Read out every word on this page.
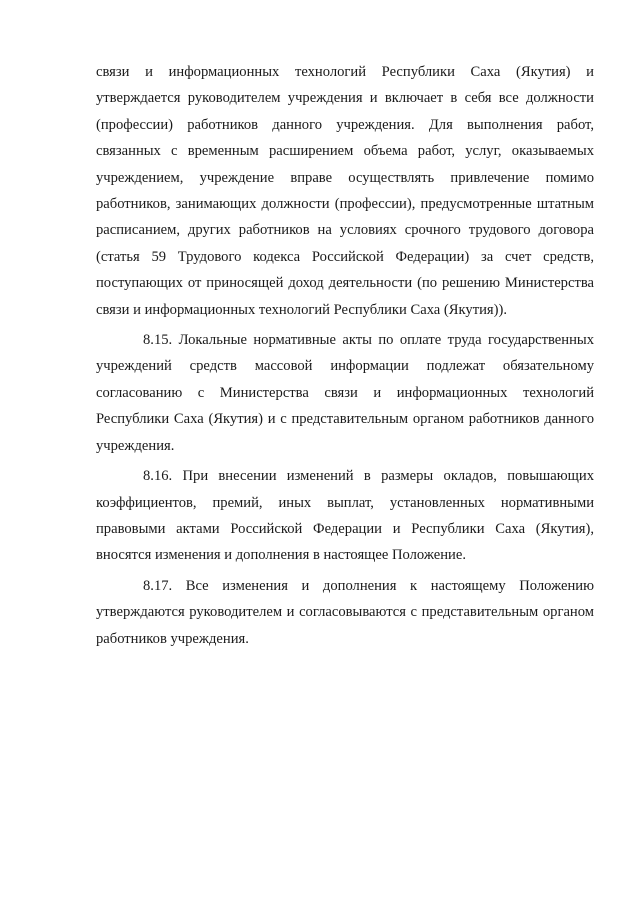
связи и информационных технологий Республики Саха (Якутия) и утверждается руководителем учреждения и включает в себя все должности (профессии) работников данного учреждения. Для выполнения работ, связанных с временным расширением объема работ, услуг, оказываемых учреждением, учреждение вправе осуществлять привлечение помимо работников, занимающих должности (профессии), предусмотренные штатным расписанием, других работников на условиях срочного трудового договора (статья 59 Трудового кодекса Российской Федерации) за счет средств, поступающих от приносящей доход деятельности (по решению Министерства связи и информационных технологий Республики Саха (Якутия)).

8.15. Локальные нормативные акты по оплате труда государственных учреждений средств массовой информации подлежат обязательному согласованию с Министерства связи и информационных технологий Республики Саха (Якутия) и с представительным органом работников данного учреждения.

8.16. При внесении изменений в размеры окладов, повышающих коэффициентов, премий, иных выплат, установленных нормативными правовыми актами Российской Федерации и Республики Саха (Якутия), вносятся изменения и дополнения в настоящее Положение.

8.17. Все изменения и дополнения к настоящему Положению утверждаются руководителем и согласовываются с представительным органом работников учреждения.
